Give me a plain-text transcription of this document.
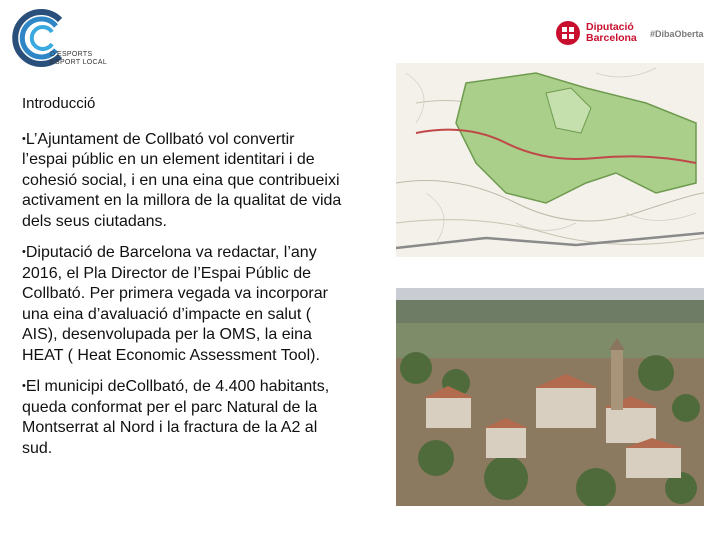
D'ESPORTS
ESPORT LOCAL
Diputació
Barcelona #DibaOberta
Introducció
•L’Ajuntament de Collbató vol convertir l’espai públic en un element identitari i de cohesió social, i en una eina que contribueixi activament en la millora de la qualitat de vida dels seus ciutadans.
•Diputació de Barcelona va redactar, l’any 2016, el Pla Director de l’Espai Públic de Collbató. Per primera vegada va incorporar una eina d’avaluació d’impacte en salut ( AIS), desenvolupada per la OMS, la eina HEAT ( Heat Economic Assessment Tool).
•El municipi deCollbató, de 4.400 habitants, queda conformat per el parc Natural de la Montserrat al Nord i la fractura de la A2 al sud.
